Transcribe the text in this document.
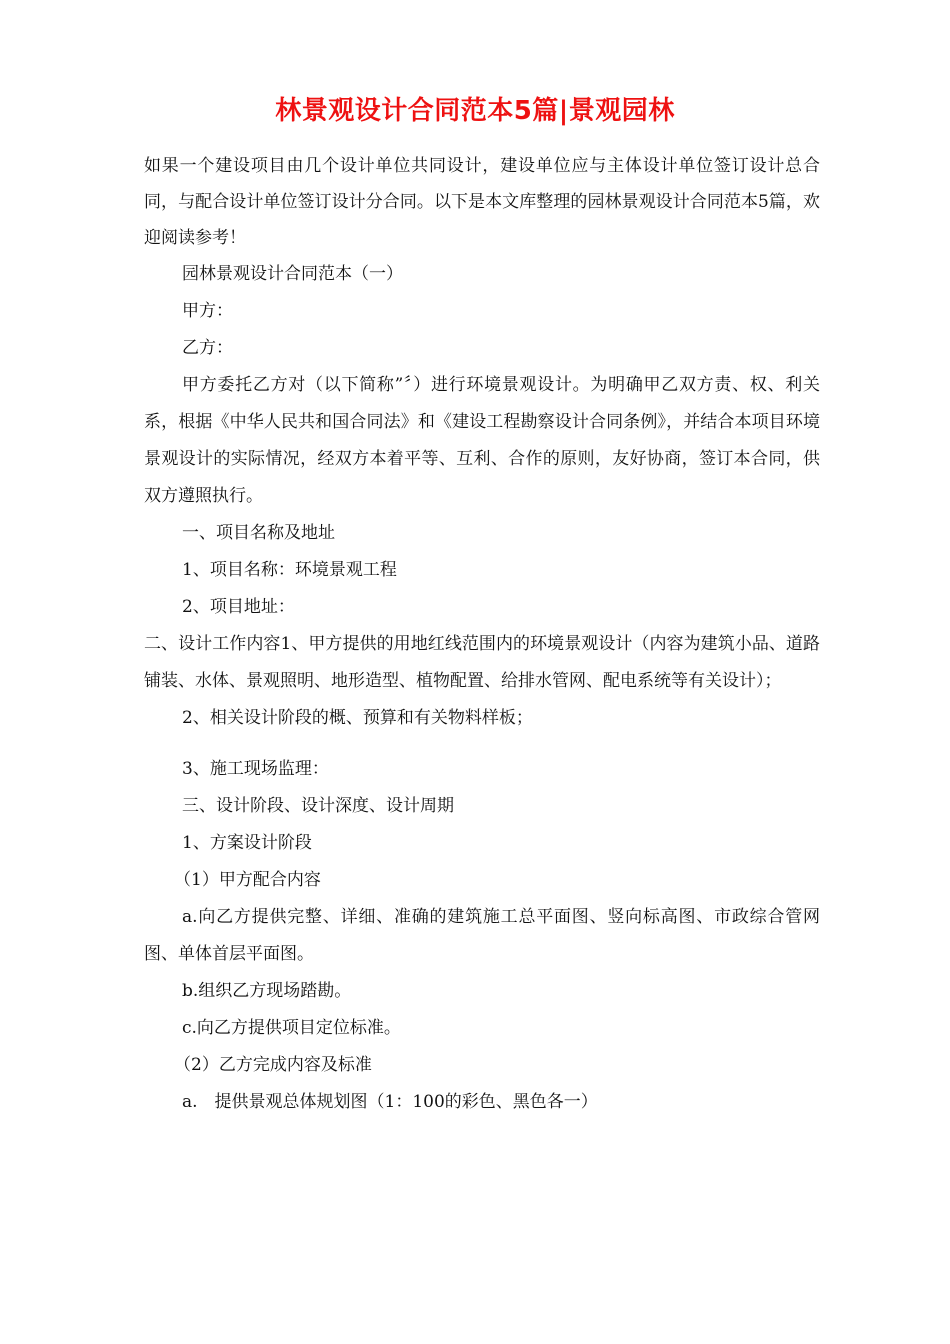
林景观设计合同范本5篇|景观园林

如果一个建设项目由几个设计单位共同设计，建设单位应与主体设计单位签订设计总合同，与配合设计单位签订设计分合同。以下是本文库整理的园林景观设计合同范本5篇，欢迎阅读参考！

园林景观设计合同范本（一）

甲方：

乙方：

甲方委托乙方对（以下简称”〞）进行环境景观设计。为明确甲乙双方责、权、利关系，根据《中华人民共和国合同法》和《建设工程勘察设计合同条例》，并结合本项目环境景观设计的实际情况，经双方本着平等、互利、合作的原则，友好协商，签订本合同，供双方遵照执行。

一、项目名称及地址

1、项目名称：环境景观工程

2、项目地址：

二、设计工作内容1、甲方提供的用地红线范围内的环境景观设计（内容为建筑小品、道路铺装、水体、景观照明、地形造型、植物配置、给排水管网、配电系统等有关设计）；

2、相关设计阶段的概、预算和有关物料样板；

3、施工现场监理：

三、设计阶段、设计深度、设计周期

1、方案设计阶段

（1）甲方配合内容

a.向乙方提供完整、详细、准确的建筑施工总平面图、竖向标高图、市政综合管网图、单体首层平面图。

b.组织乙方现场踏勘。

c.向乙方提供项目定位标准。

（2）乙方完成内容及标准

a.　提供景观总体规划图（1：100的彩色、黑色各一）
